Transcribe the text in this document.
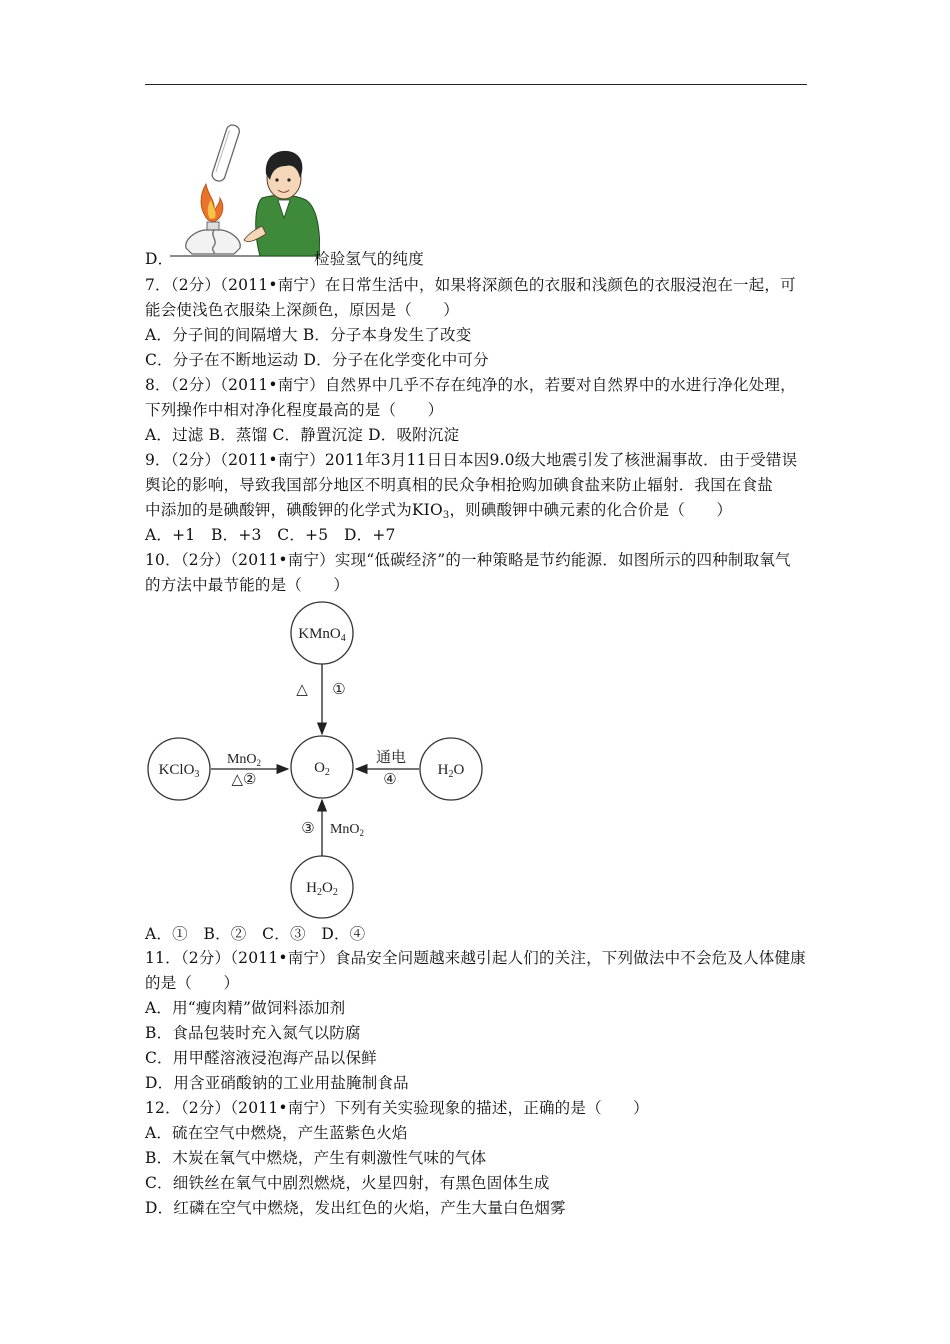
D．	检验氢气的纯度
7．（2分）（2011•南宁）在日常生活中，如果将深颜色的衣服和浅颜色的衣服浸泡在一起，可
能会使浅色衣服染上深颜色，原因是（　　）
A．分子间的间隔增大 B．分子本身发生了改变
C．分子在不断地运动 D．分子在化学变化中可分
8．（2分）（2011•南宁）自然界中几乎不存在纯净的水，若要对自然界中的水进行净化处理，
下列操作中相对净化程度最高的是（　　）
A．过滤 B．蒸馏 C．静置沉淀 D．吸附沉淀
9．（2分）（2011•南宁）2011年3月11日日本因9.0级大地震引发了核泄漏事故．由于受错误
舆论的影响，导致我国部分地区不明真相的民众争相抢购加碘食盐来防止辐射．我国在食盐
中添加的是碘酸钾，碘酸钾的化学式为$KIO_3$，则碘酸钾中碘元素的化合价是（　　）
A．+1　B．+3　C．+5　D．+7
10．（2分）（2011•南宁）实现“低碳经济”的一种策略是节约能源．如图所示的四种制取氧气
的方法中最节能的是（　　）
KMnO$_4$
KClO$_3$	$O_2$	$H_2O$
$H_2O_2$
△ ①
MnO$_2$
△②
通电
④
③ MnO$_2$
A．①　B．②　C．③　D．④
11．（2分）（2011•南宁）食品安全问题越来越引起人们的关注，下列做法中不会危及人体健康
的是（　　）
A．用“瘦肉精”做饲料添加剂
B．食品包装时充入氮气以防腐
C．用甲醛溶液浸泡海产品以保鲜
D．用含亚硝酸钠的工业用盐腌制食品
12．（2分）（2011•南宁）下列有关实验现象的描述，正确的是（　　）
A．硫在空气中燃烧，产生蓝紫色火焰
B．木炭在氧气中燃烧，产生有刺激性气味的气体
C．细铁丝在氧气中剧烈燃烧，火星四射，有黑色固体生成
D．红磷在空气中燃烧，发出红色的火焰，产生大量白色烟雾
